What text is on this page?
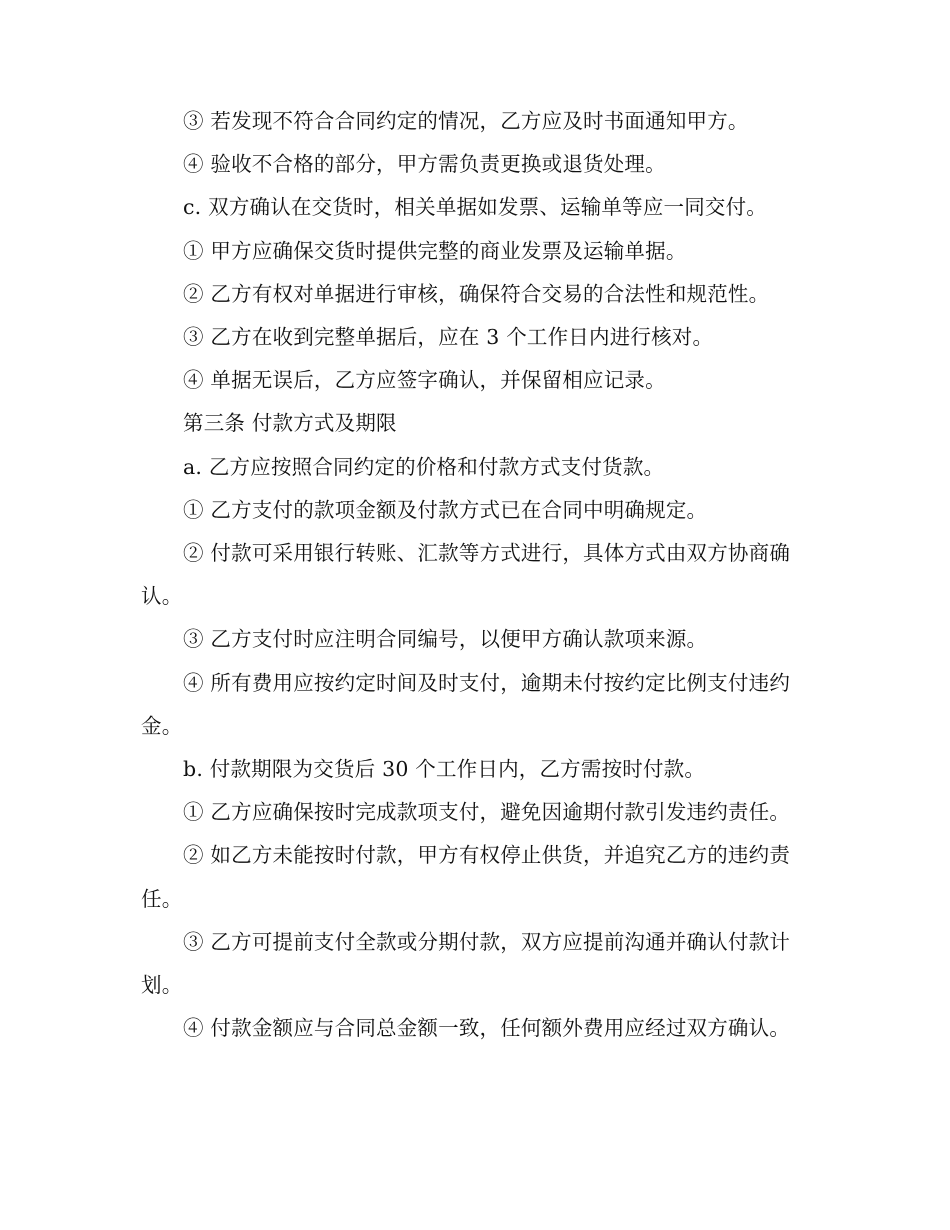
③ 若发现不符合合同约定的情况，乙方应及时书面通知甲方。

④ 验收不合格的部分，甲方需负责更换或退货处理。

c. 双方确认在交货时，相关单据如发票、运输单等应一同交付。

① 甲方应确保交货时提供完整的商业发票及运输单据。

② 乙方有权对单据进行审核，确保符合交易的合法性和规范性。

③ 乙方在收到完整单据后，应在 3 个工作日内进行核对。

④ 单据无误后，乙方应签字确认，并保留相应记录。

第三条 付款方式及期限

a. 乙方应按照合同约定的价格和付款方式支付货款。

① 乙方支付的款项金额及付款方式已在合同中明确规定。

② 付款可采用银行转账、汇款等方式进行，具体方式由双方协商确认。

③ 乙方支付时应注明合同编号，以便甲方确认款项来源。

④ 所有费用应按约定时间及时支付，逾期未付按约定比例支付违约金。

b. 付款期限为交货后 30 个工作日内，乙方需按时付款。

① 乙方应确保按时完成款项支付，避免因逾期付款引发违约责任。

② 如乙方未能按时付款，甲方有权停止供货，并追究乙方的违约责任。

③ 乙方可提前支付全款或分期付款，双方应提前沟通并确认付款计划。

④ 付款金额应与合同总金额一致，任何额外费用应经过双方确认。
